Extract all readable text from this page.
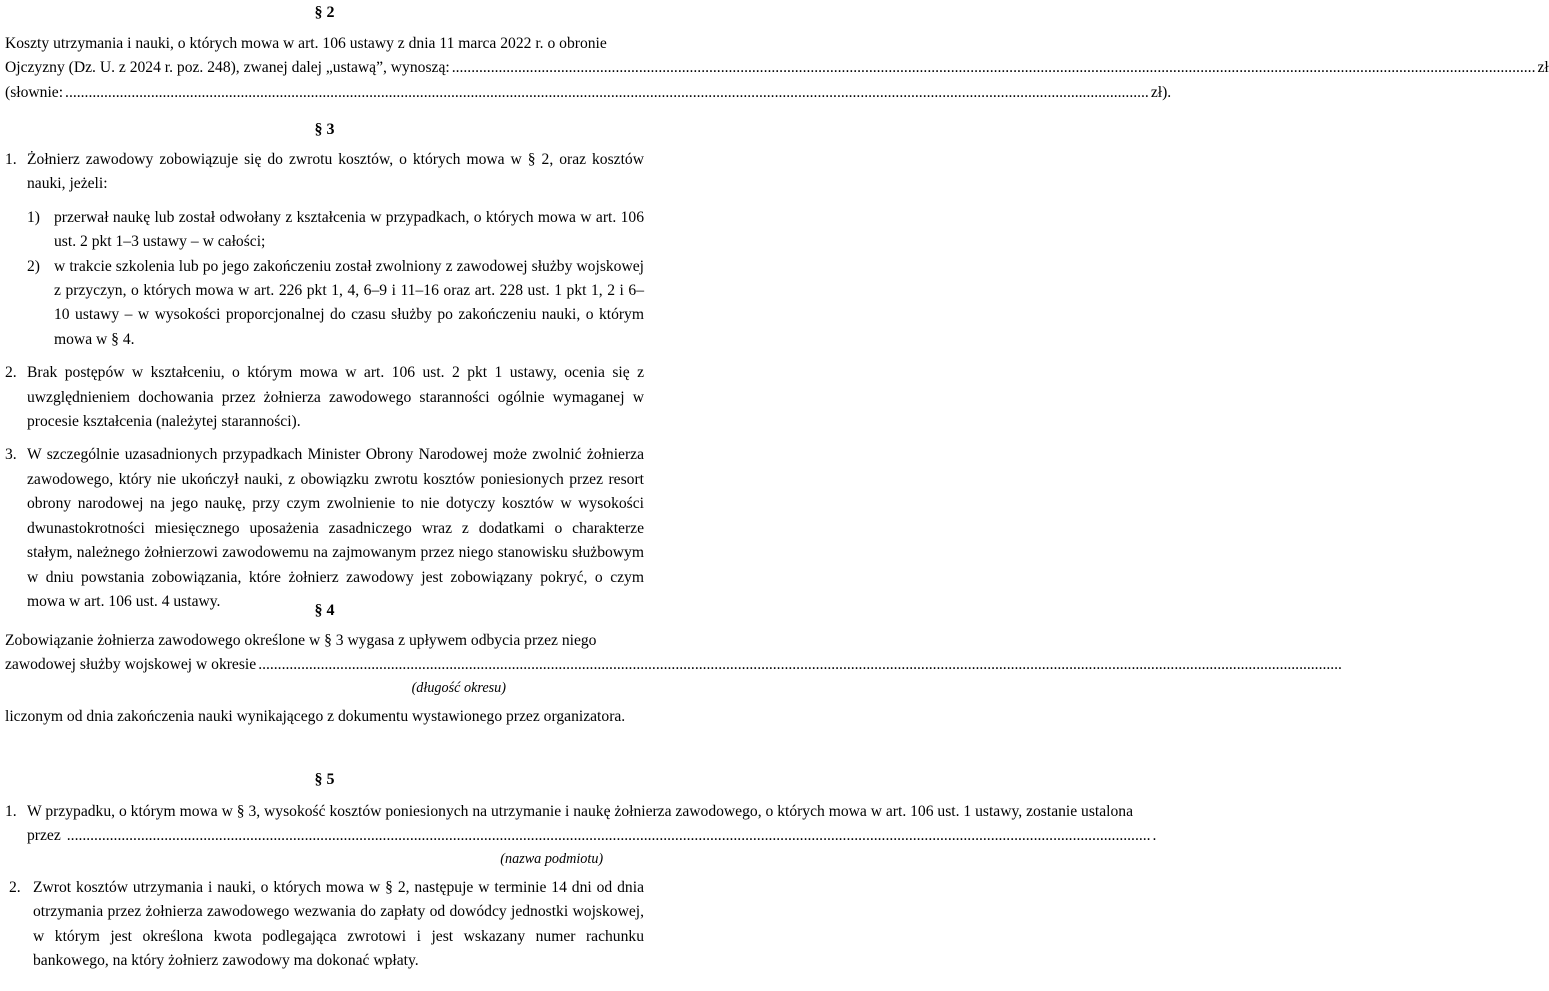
§ 2

Koszty utrzymania i nauki, o których mowa w art. 106 ustawy z dnia 11 marca 2022 r. o obronie

Ojczyzny (Dz. U. z 2024 r. poz. 248), zwanej dalej „ustawą”, wynoszą: .....	zł
(słownie: .....	zł).

§ 3

1. Żołnierz zawodowy zobowiązuje się do zwrotu kosztów, o których mowa w § 2, oraz kosztów nauki, jeżeli:
1) przerwał naukę lub został odwołany z kształcenia w przypadkach, o których mowa w art. 106 ust. 2 pkt 1–3 ustawy – w całości;
2) w trakcie szkolenia lub po jego zakończeniu został zwolniony z zawodowej służby wojskowej z przyczyn, o których mowa w art. 226 pkt 1, 4, 6–9 i 11–16 oraz art. 228 ust. 1 pkt 1, 2 i 6–10 ustawy – w wysokości proporcjonalnej do czasu służby po zakończeniu nauki, o którym mowa w § 4.
2. Brak postępów w kształceniu, o którym mowa w art. 106 ust. 2 pkt 1 ustawy, ocenia się z uwzględnieniem dochowania przez żołnierza zawodowego staranności ogólnie wymaganej w procesie kształcenia (należytej staranności).
3. W szczególnie uzasadnionych przypadkach Minister Obrony Narodowej może zwolnić żołnierza zawodowego, który nie ukończył nauki, z obowiązku zwrotu kosztów poniesionych przez resort obrony narodowej na jego naukę, przy czym zwolnienie to nie dotyczy kosztów w wysokości dwunastokrotności miesięcznego uposażenia zasadniczego wraz z dodatkami o charakterze stałym, należnego żołnierzowi zawodowemu na zajmowanym przez niego stanowisku służbowym w dniu powstania zobowiązania, które żołnierz zawodowy jest zobowiązany pokryć, o czym mowa w art. 106 ust. 4 ustawy.

§ 4

Zobowiązanie żołnierza zawodowego określone w § 3 wygasa z upływem odbycia przez niego

zawodowej służby wojskowej w okresie
.....

(długość okresu)

liczonym od dnia zakończenia nauki wynikającego z dokumentu wystawionego przez organizatora.

§ 5

1. W przypadku, o którym mowa w § 3, wysokość kosztów poniesionych na utrzymanie i naukę żołnierza zawodowego, o których mowa w art. 106 ust. 1 ustawy, zostanie ustalona

przez .....	.

(nazwa podmiotu)

2. Zwrot kosztów utrzymania i nauki, o których mowa w § 2, następuje w terminie 14 dni od dnia otrzymania przez żołnierza zawodowego wezwania do zapłaty od dowódcy jednostki wojskowej, w którym jest określona kwota podlegająca zwrotowi i jest wskazany numer rachunku bankowego, na który żołnierz zawodowy ma dokonać wpłaty.
